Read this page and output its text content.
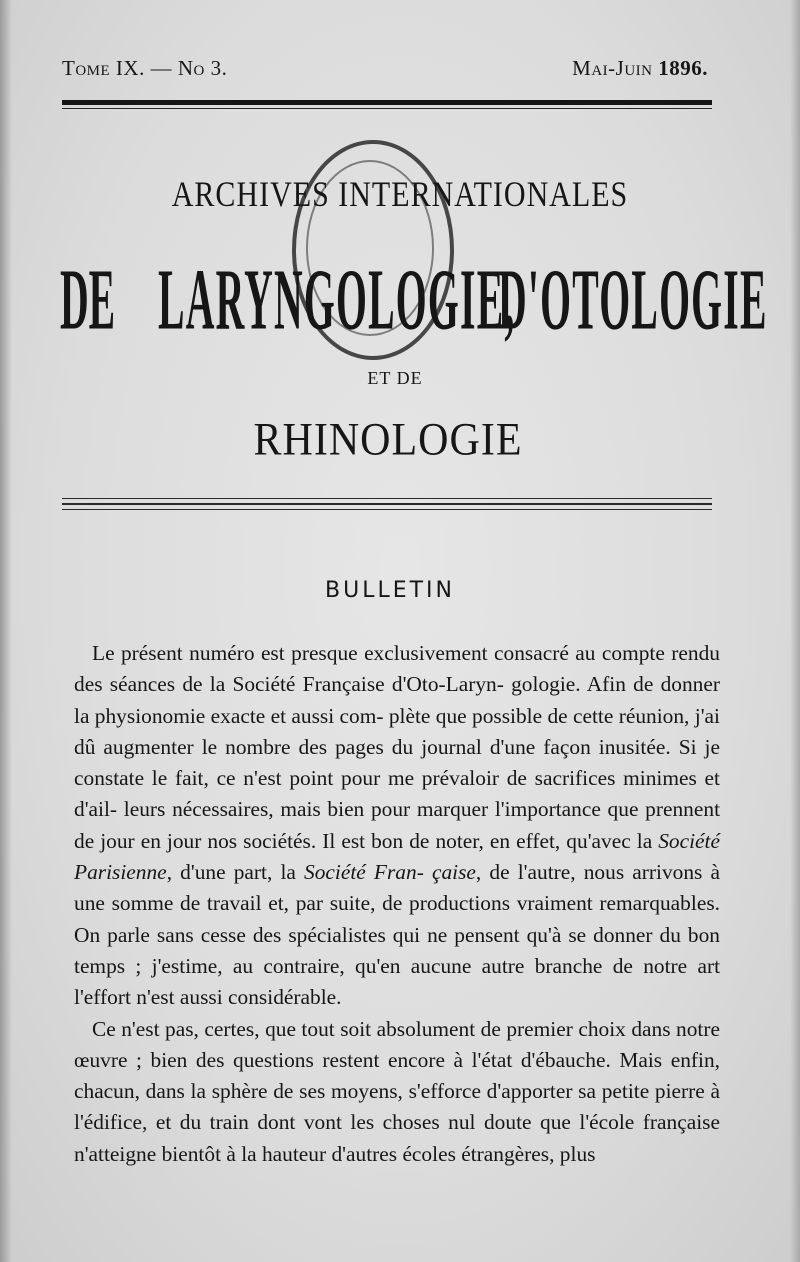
Tome IX. — No 3.	Mai-Juin 1896.
ARCHIVES INTERNATIONALES
DE LARYNGOLOGIE,
D'OTOLOGIE
ET DE
RHINOLOGIE
BULLETIN

Le présent numéro est presque exclusivement consacré au compte rendu des séances de la Société Française d'Oto-Laryn- gologie. Afin de donner la physionomie exacte et aussi com- plète que possible de cette réunion, j'ai dû augmenter le nombre des pages du journal d'une façon inusitée. Si je constate le fait, ce n'est point pour me prévaloir de sacrifices minimes et d'ail- leurs nécessaires, mais bien pour marquer l'importance que prennent de jour en jour nos sociétés. Il est bon de noter, en effet, qu'avec la Société Parisienne, d'une part, la Société Fran- çaise, de l'autre, nous arrivons à une somme de travail et, par suite, de productions vraiment remarquables. On parle sans cesse des spécialistes qui ne pensent qu'à se donner du bon temps ; j'estime, au contraire, qu'en aucune autre branche de notre art l'effort n'est aussi considérable.

Ce n'est pas, certes, que tout soit absolument de premier choix dans notre œuvre ; bien des questions restent encore à l'état d'ébauche. Mais enfin, chacun, dans la sphère de ses moyens, s'efforce d'apporter sa petite pierre à l'édifice, et du train dont vont les choses nul doute que l'école française n'atteigne bientôt à la hauteur d'autres écoles étrangères, plus
